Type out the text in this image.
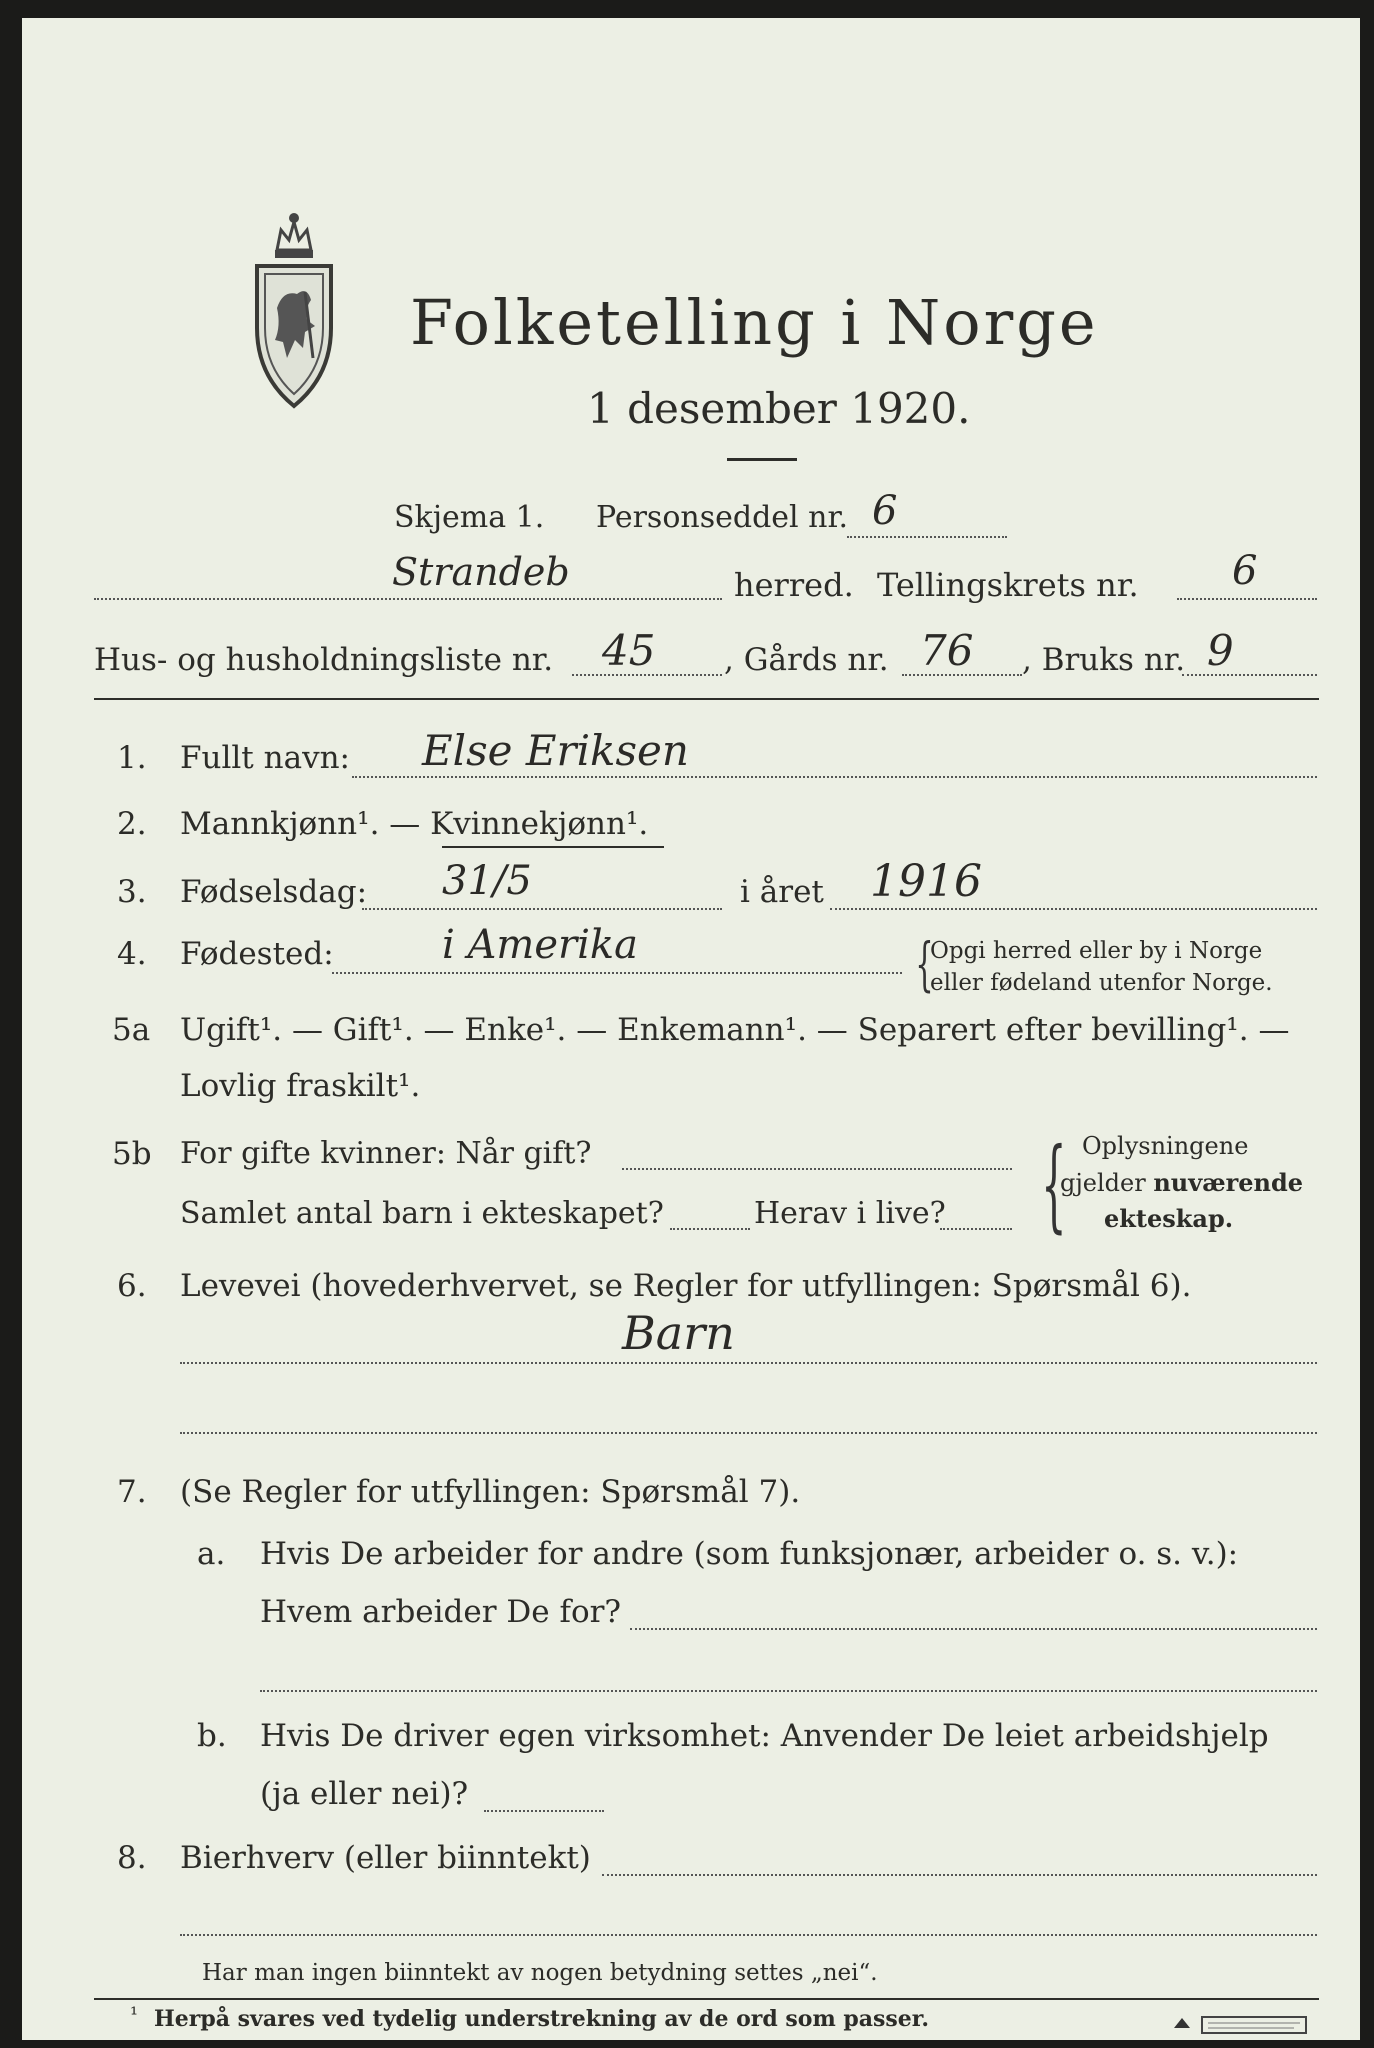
Folketelling i Norge
1 desember 1920.
Skjema 1. Personseddel nr. 6
Strandeb	herred. Tellingskrets nr. 6
Hus- og husholdningsliste nr. 45 , Gårds nr. 76 , Bruks nr. 9
1. Fullt navn: Else Eriksen
2. Mannkjønn¹. — Kvinnekjønn¹.
3. Fødselsdag: 31/5	i året 1916
4. Fødested:	i Amerika	{
Opgi herred eller by i Norge
eller fødeland utenfor Norge.
5a Ugift¹. — Gift¹. — Enke¹. — Enkemann¹. — Separert efter bevilling¹. —
Lovlig fraskilt¹.
5b For gifte kvinner: Når gift?
Samlet antal barn i ekteskapet?	Herav i live? { Oplysningene
gjelder nuværende
ekteskap.
6. Levevei (hovederhvervet, se Regler for utfyllingen: Spørsmål 6).
Barn
7. (Se Regler for utfyllingen: Spørsmål 7).
a. Hvis De arbeider for andre (som funksjonær, arbeider o. s. v.):
Hvem arbeider De for?
b. Hvis De driver egen virksomhet: Anvender De leiet arbeidshjelp
(ja eller nei)?
8. Bierhverv (eller biinntekt)
Har man ingen biinntekt av nogen betydning settes „nei“.
¹ Herpå svares ved tydelig understrekning av de ord som passer.
